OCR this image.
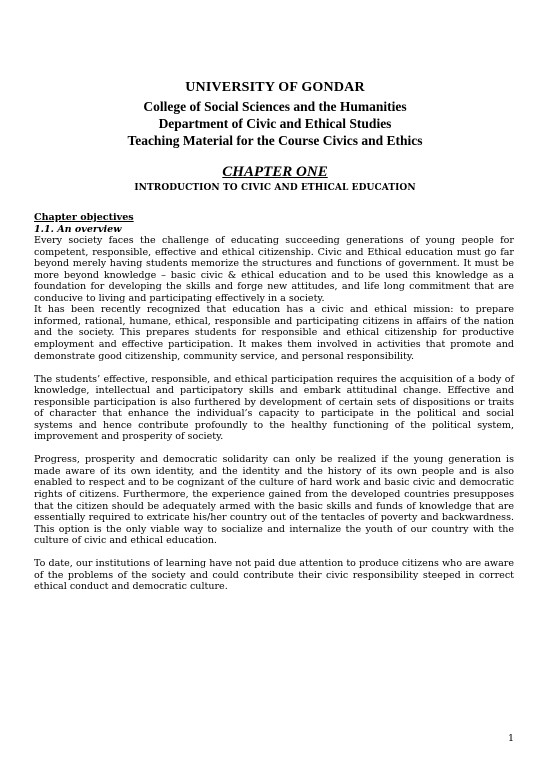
UNIVERSITY OF GONDAR
College of Social Sciences and the Humanities
Department of Civic and Ethical Studies
Teaching Material for the Course Civics and Ethics
CHAPTER ONE
INTRODUCTION TO CIVIC AND ETHICAL EDUCATION
Chapter objectives
1.1. An overview

Every society faces the challenge of educating succeeding generations of young people for competent, responsible, effective and ethical citizenship. Civic and Ethical education must go far beyond merely having students memorize the structures and functions of government. It must be more beyond knowledge – basic civic & ethical education and to be used this knowledge as a foundation for developing the skills and forge new attitudes, and life long commitment that are conducive to living and participating effectively in a society.

It has been recently recognized that education has a civic and ethical mission: to prepare informed, rational, humane, ethical, responsible and participating citizens in affairs of the nation and the society. This prepares students for responsible and ethical citizenship for productive employment and effective participation. It makes them involved in activities that promote and demonstrate good citizenship, community service, and personal responsibility.

The students’ effective, responsible, and ethical participation requires the acquisition of a body of knowledge, intellectual and participatory skills and embark attitudinal change. Effective and responsible participation is also furthered by development of certain sets of dispositions or traits of character that enhance the individual’s capacity to participate in the political and social systems and hence contribute profoundly to the healthy functioning of the political system, improvement and prosperity of society.

Progress, prosperity and democratic solidarity can only be realized if the young generation is made aware of its own identity, and the identity and the history of its own people and is also enabled to respect and to be cognizant of the culture of hard work and basic civic and democratic rights of citizens. Furthermore, the experience gained from the developed countries presupposes that the citizen should be adequately armed with the basic skills and funds of knowledge that are essentially required to extricate his/her country out of the tentacles of poverty and backwardness. This option is the only viable way to socialize and internalize the youth of our country with the culture of civic and ethical education.

To date, our institutions of learning have not paid due attention to produce citizens who are aware of the problems of the society and could contribute their civic responsibility steeped in correct ethical conduct and democratic culture.

1
